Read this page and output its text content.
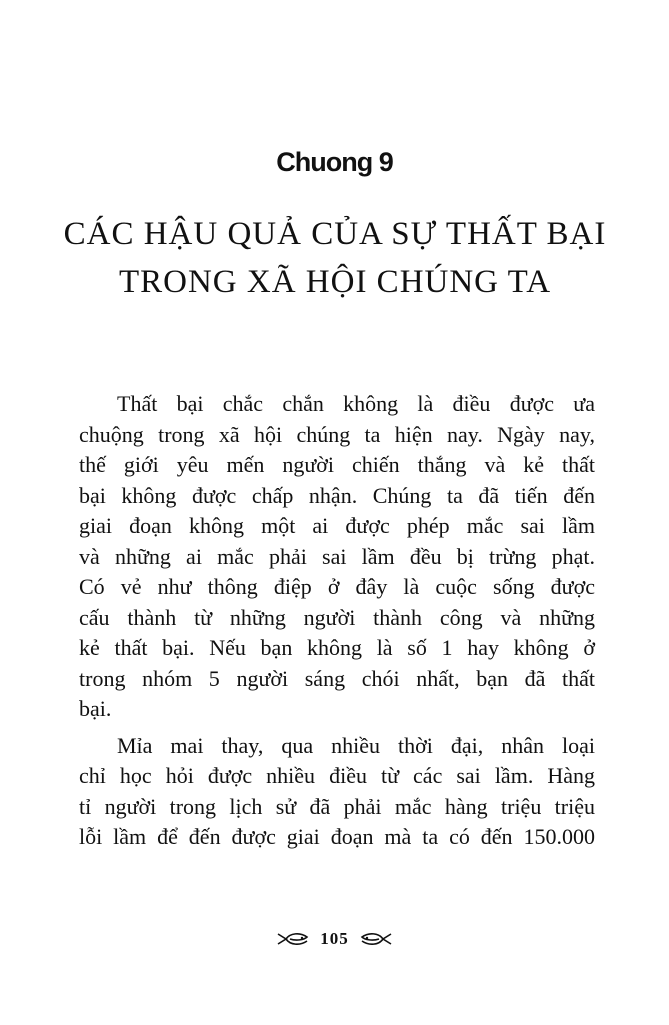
Chuong 9
CÁC HẬU QUẢ CỦA SỰ THẤT BẠI
TRONG XÃ HỘI CHÚNG TA
Thất bại chắc chắn không là điều được ưa
chuộng trong xã hội chúng ta hiện nay. Ngày nay,
thế giới yêu mến người chiến thắng và kẻ thất
bại không được chấp nhận. Chúng ta đã tiến đến
giai đoạn không một ai được phép mắc sai lầm
và những ai mắc phải sai lầm đều bị trừng phạt.
Có vẻ như thông điệp ở đây là cuộc sống được
cấu thành từ những người thành công và những
kẻ thất bại. Nếu bạn không là số 1 hay không ở
trong nhóm 5 người sáng chói nhất, bạn đã thất
bại.
Mỉa mai thay, qua nhiều thời đại, nhân loại
chỉ học hỏi được nhiều điều từ các sai lầm. Hàng
tỉ người trong lịch sử đã phải mắc hàng triệu triệu
lỗi lầm để đến được giai đoạn mà ta có đến 150.000
105
